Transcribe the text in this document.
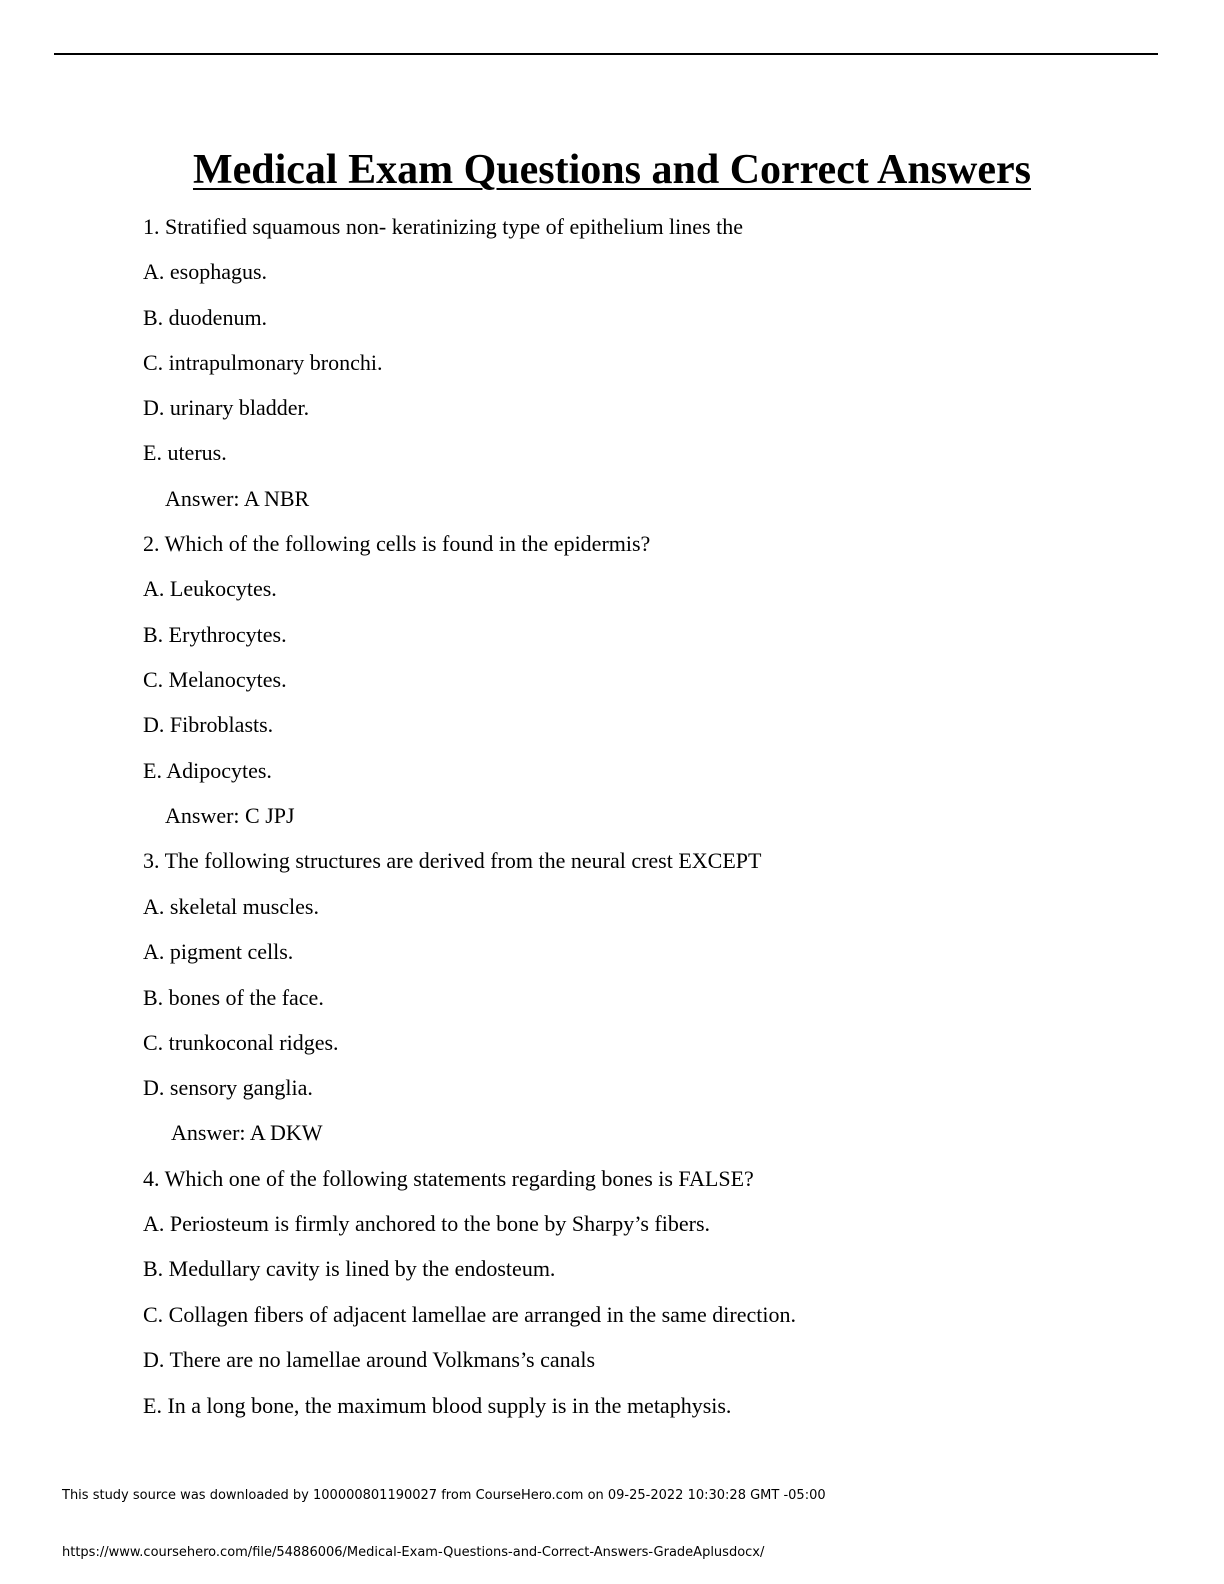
Medical Exam Questions and Correct Answers
1. Stratified squamous non- keratinizing type of epithelium lines the
A. esophagus.
B. duodenum.
C. intrapulmonary bronchi.
D. urinary bladder.
E. uterus.
Answer: A NBR
2. Which of the following cells is found in the epidermis?
A. Leukocytes.
B. Erythrocytes.
C. Melanocytes.
D. Fibroblasts.
E. Adipocytes.
Answer: C JPJ
3. The following structures are derived from the neural crest EXCEPT
A. skeletal muscles.
A. pigment cells.
B. bones of the face.
C. trunkoconal ridges.
D. sensory ganglia.
Answer: A DKW
4. Which one of the following statements regarding bones is FALSE?
A. Periosteum is firmly anchored to the bone by Sharpy’s fibers.
B. Medullary cavity is lined by the endosteum.
C. Collagen fibers of adjacent lamellae are arranged in the same direction.
D. There are no lamellae around Volkmans’s canals
E. In a long bone, the maximum blood supply is in the metaphysis.
This study source was downloaded by 100000801190027 from CourseHero.com on 09-25-2022 10:30:28 GMT -05:00
https://www.coursehero.com/file/54886006/Medical-Exam-Questions-and-Correct-Answers-GradeAplusdocx/
